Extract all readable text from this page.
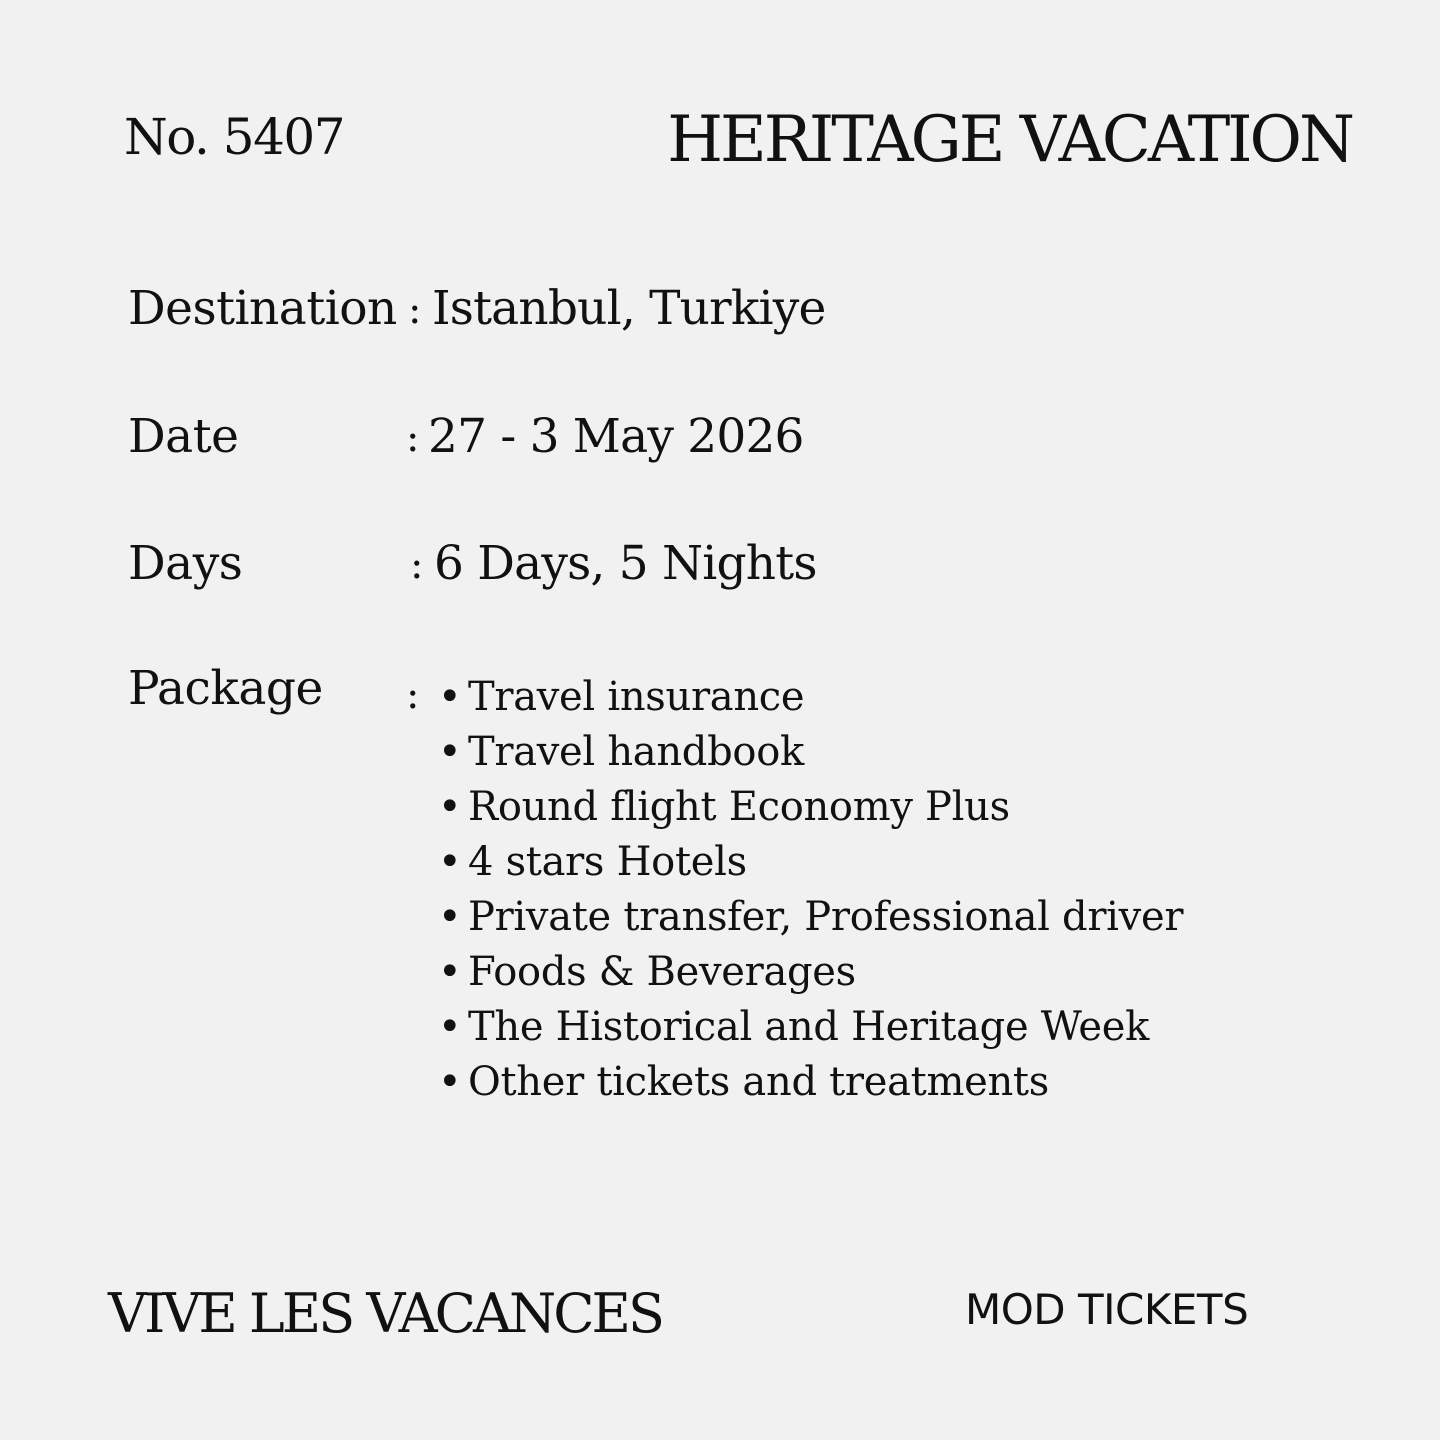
No. 5407	HERITAGE VACATION
Destination : Istanbul, Turkiye
Date	: 27 - 3 May 2026
Days	: 6 Days, 5 Nights
Package : • Travel insurance
• Travel handbook
• Round flight Economy Plus
• 4 stars Hotels
• Private transfer, Professional driver
• Foods & Beverages
• The Historical and Heritage Week
• Other tickets and treatments
VIVE LES VACANCES	MOD TICKETS
